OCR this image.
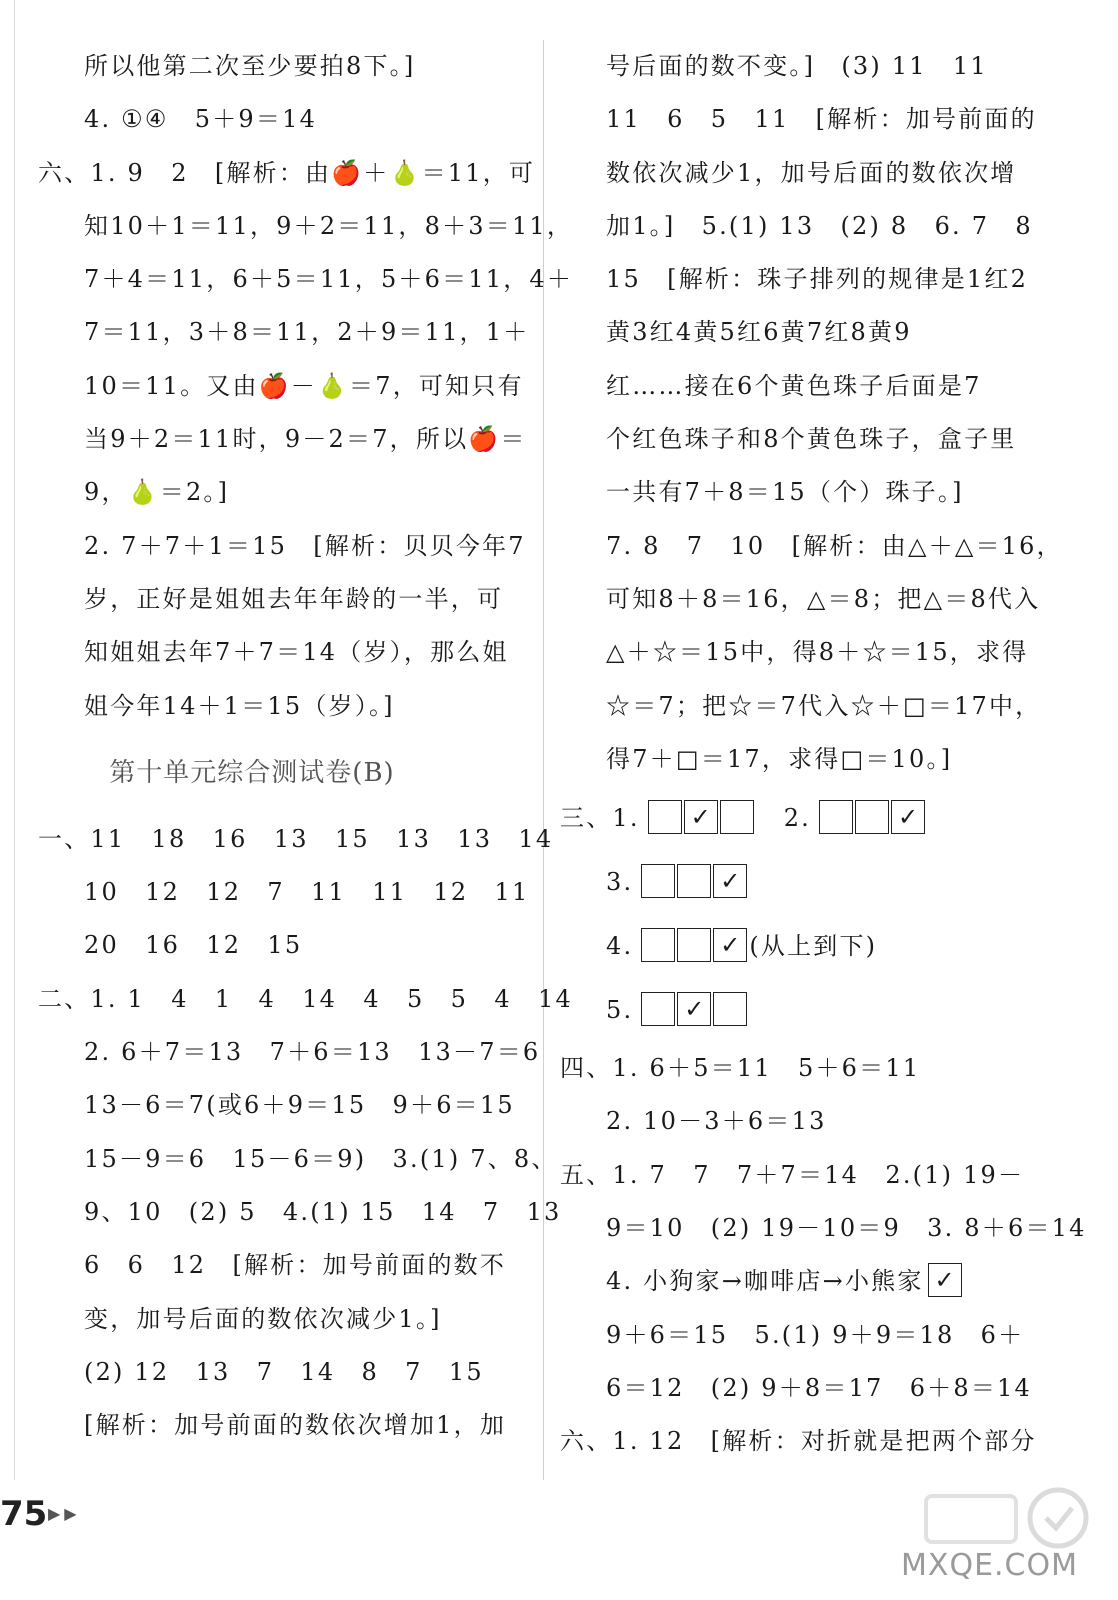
所以他第二次至少要拍8下。]
4. ①④　5＋9＝14
六、1. 9　2　[解析：由🍎＋🍐＝11，可
知10＋1＝11，9＋2＝11，8＋3＝11，
7＋4＝11，6＋5＝11，5＋6＝11，4＋
7＝11，3＋8＝11，2＋9＝11，1＋
10＝11。又由🍎－🍐＝7，可知只有
当9＋2＝11时，9－2＝7，所以🍎＝
9，🍐＝2。]
2. 7＋7＋1＝15　[解析：贝贝今年7
岁，正好是姐姐去年年龄的一半，可
知姐姐去年7＋7＝14（岁），那么姐
姐今年14＋1＝15（岁）。]
第十单元综合测试卷(B)
一、11　18　16　13　15　13　13　14
10　12　12　7　11　11　12　11
20　16　12　15
二、1. 1　4　1　4　14　4　5　5　4　14
2. 6＋7＝13　7＋6＝13　13－7＝6
13－6＝7(或6＋9＝15　9＋6＝15
15－9＝6　15－6＝9)　3.(1) 7、8、
9、10　(2) 5　4.(1) 15　14　7　13
6　6　12　[解析：加号前面的数不
变，加号后面的数依次减少1。]
(2) 12　13　7　14　8　7　15
[解析：加号前面的数依次增加1，加
号后面的数不变。]　(3) 11　11
11　6　5　11　[解析：加号前面的
数依次减少1，加号后面的数依次增
加1。]　5.(1) 13　(2) 8　6. 7　8
15　[解析：珠子排列的规律是1红2
黄3红4黄5红6黄7红8黄9
红……接在6个黄色珠子后面是7
个红色珠子和8个黄色珠子，盒子里
一共有7＋8＝15（个）珠子。]
7. 8　7　10　[解析：由△＋△＝16，
可知8＋8＝16，△＝8；把△＝8代入
△＋☆＝15中，得8＋☆＝15，求得
☆＝7；把☆＝7代入☆＋□＝17中，
得7＋□＝17，求得□＝10。]
三、1. ✓	2.	✓
3.	✓
4.	✓ (从上到下)
5. ✓
四、1. 6＋5＝11　5＋6＝11
2. 10－3＋6＝13
五、1. 7　7　7＋7＝14　2.(1) 19－
9＝10　(2) 19－10＝9　3. 8＋6＝14
4. 小狗家→咖啡店→小熊家 ✓
9＋6＝15　5.(1) 9＋9＝18　6＋
6＝12　(2) 9＋8＝17　6＋8＝14
六、1. 12　[解析：对折就是把两个部分
75 ▶▶
MXQE.COM
